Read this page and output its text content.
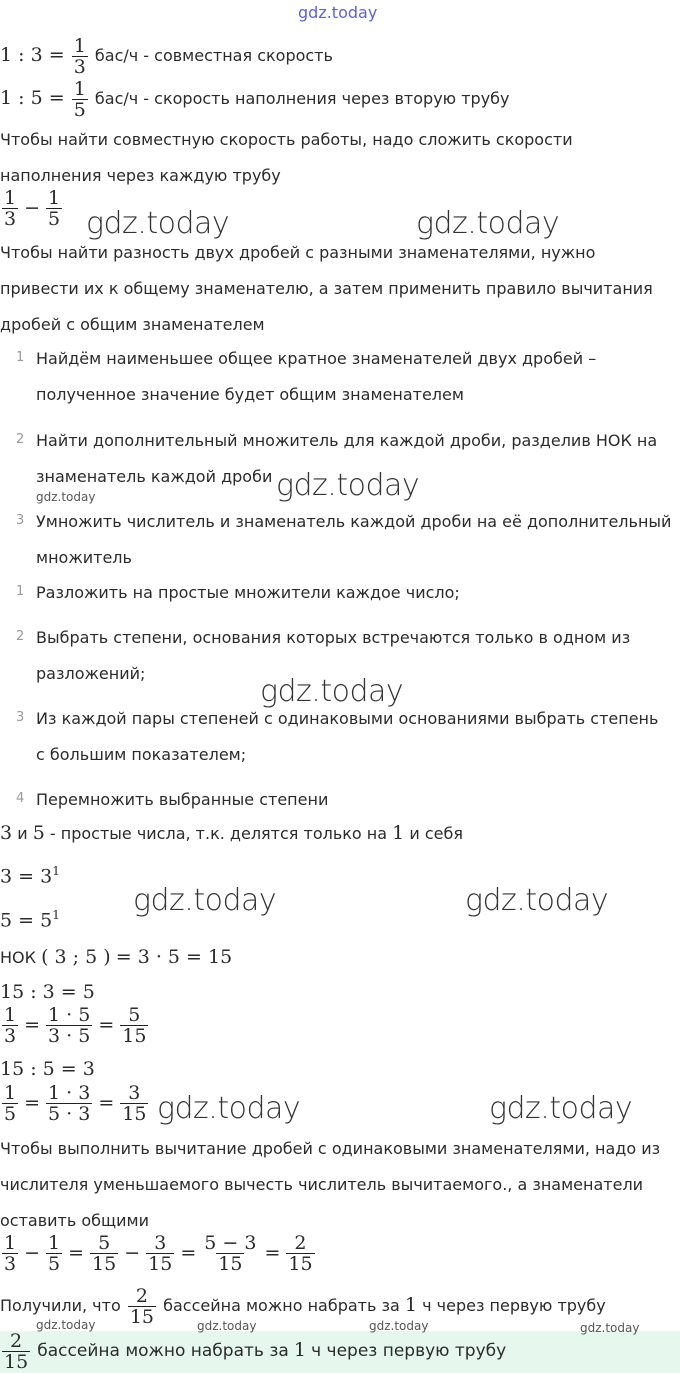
gdz.today
1 : $3 = \frac{1}{3} бас/ч$ - совместная скорость
1 : $5 = \frac{1}{5} бас/ч$ - скорость наполнения через вторую трубу
Чтобы найти совместную скорость работы, надо сложить скорости
наполнения через каждую трубу
$\frac{1}{3} - \frac{1}{5}$
Чтобы найти разность двух дробей с разными знаменателями, нужно
привести их к общему знаменателю, а затем применить правило вычитания
дробей с общим знаменателем
1 Найдём наименьшее общее кратное знаменателей двух дробей –
полученное значение будет общим знаменателем
2 Найти дополнительный множитель для каждой дроби, разделив НОК на
знаменатель каждой дроби
3 Умножить числитель и знаменатель каждой дроби на её дополнительный
множитель
1 Разложить на простые множители каждое число;
2 Выбрать степени, основания которых встречаются только в одном из
разложений;
3 Из каждой пары степеней с одинаковыми основаниями выбрать степень
с большим показателем;
4 Перемножить выбранные степени
3 и 5 - простые числа, т.к. делятся только на 1 и себя
$3 = 3^1$
$5 = 5^1$
НОК ( 3 ; 5 ) = 3 · 5 = 15
15 : 3 = 5
$\frac{1}{3} = \frac{1 \cdot 5}{3 \cdot 5} = \frac{5}{15}$
15 : 5 = 3
$\frac{1}{5} = \frac{1 \cdot 3}{5 \cdot 3} = \frac{3}{15}$
Чтобы выполнить вычитание дробей с одинаковыми знаменателями, надо из
числителя уменьшаемого вычесть числитель вычитаемого., а знаменатели
оставить общими
$\frac{1}{3} - \frac{1}{5} = \frac{5}{15} - \frac{3}{15} = \frac{5 - 3}{15} = \frac{2}{15}$
Получили, что $\frac{2}{15}$ бассейна можно набрать за 1 ч через первую трубу
$\frac{2}{15}$ бассейна можно набрать за 1 ч через первую трубу
gdz.today	gdz.today
gdz.today
gdz.today
gdz.today
gdz.today	gdz.today
gdz.today	gdz.today
gdz.today	gdz.today	gdz.today	gdz.today
